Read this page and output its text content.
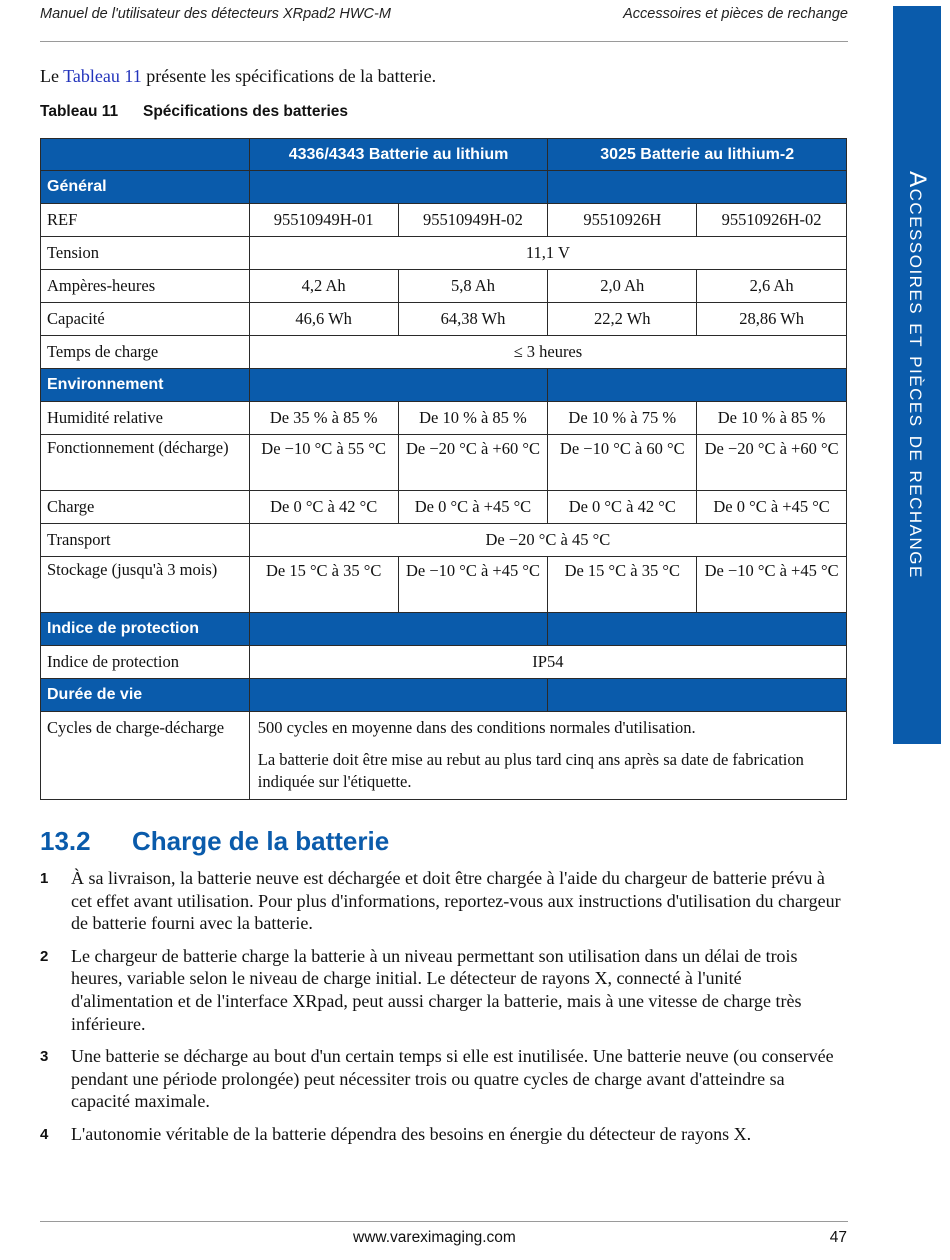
Manuel de l'utilisateur des détecteurs XRpad2 HWC-M	Accessoires et pièces de rechange
Accessoires et pièces de rechange

Le Tableau 11 présente les spécifications de la batterie.

Tableau 11 Spécifications des batteries
	4336/4343 Batterie au lithium		3025 Batterie au lithium-2	
Général				
REF	95510949H-01	95510949H-02	95510926H	95510926H-02
Tension	11,1 V			
Ampères-heures	4,2 Ah	5,8 Ah	2,0 Ah	2,6 Ah
Capacité	46,6 Wh	64,38 Wh	22,2 Wh	28,86 Wh
Temps de charge	≤ 3 heures			
Environnement				
Humidité relative	De 35 % à 85 %	De 10 % à 85 %	De 10 % à 75 %	De 10 % à 85 %
Fonctionnement (décharge)	De −10 °C à 55 °C	De −20 °C à +60 °C	De −10 °C à 60 °C	De −20 °C à +60 °C
Charge	De 0 °C à 42 °C	De 0 °C à +45 °C	De 0 °C à 42 °C	De 0 °C à +45 °C
Transport	De −20 °C à 45 °C			
Stockage (jusqu'à 3 mois)	De 15 °C à 35 °C	De −10 °C à +45 °C	De 15 °C à 35 °C	De −10 °C à +45 °C
Indice de protection				
Indice de protection	IP54			
Durée de vie				
Cycles de charge-décharge	500 cycles en moyenne dans des conditions normales d'utilisation.

La batterie doit être mise au rebut au plus tard cinq ans après sa date de fabrication indiquée sur l'étiquette.			

13.2 Charge de la batterie
1 À sa livraison, la batterie neuve est déchargée et doit être chargée à l'aide du chargeur de batterie prévu à cet effet avant utilisation. Pour plus d'informations, reportez-vous aux instructions d'utilisation du chargeur de batterie fourni avec la batterie.
2 Le chargeur de batterie charge la batterie à un niveau permettant son utilisation dans un délai de trois heures, variable selon le niveau de charge initial. Le détecteur de rayons X, connecté à l'unité d'alimentation et de l'interface XRpad, peut aussi charger la batterie, mais à une vitesse de charge très inférieure.
3 Une batterie se décharge au bout d'un certain temps si elle est inutilisée. Une batterie neuve (ou conservée pendant une période prolongée) peut nécessiter trois ou quatre cycles de charge avant d'atteindre sa capacité maximale.
4 L'autonomie véritable de la batterie dépendra des besoins en énergie du détecteur de rayons X.
www.vareximaging.com	47
